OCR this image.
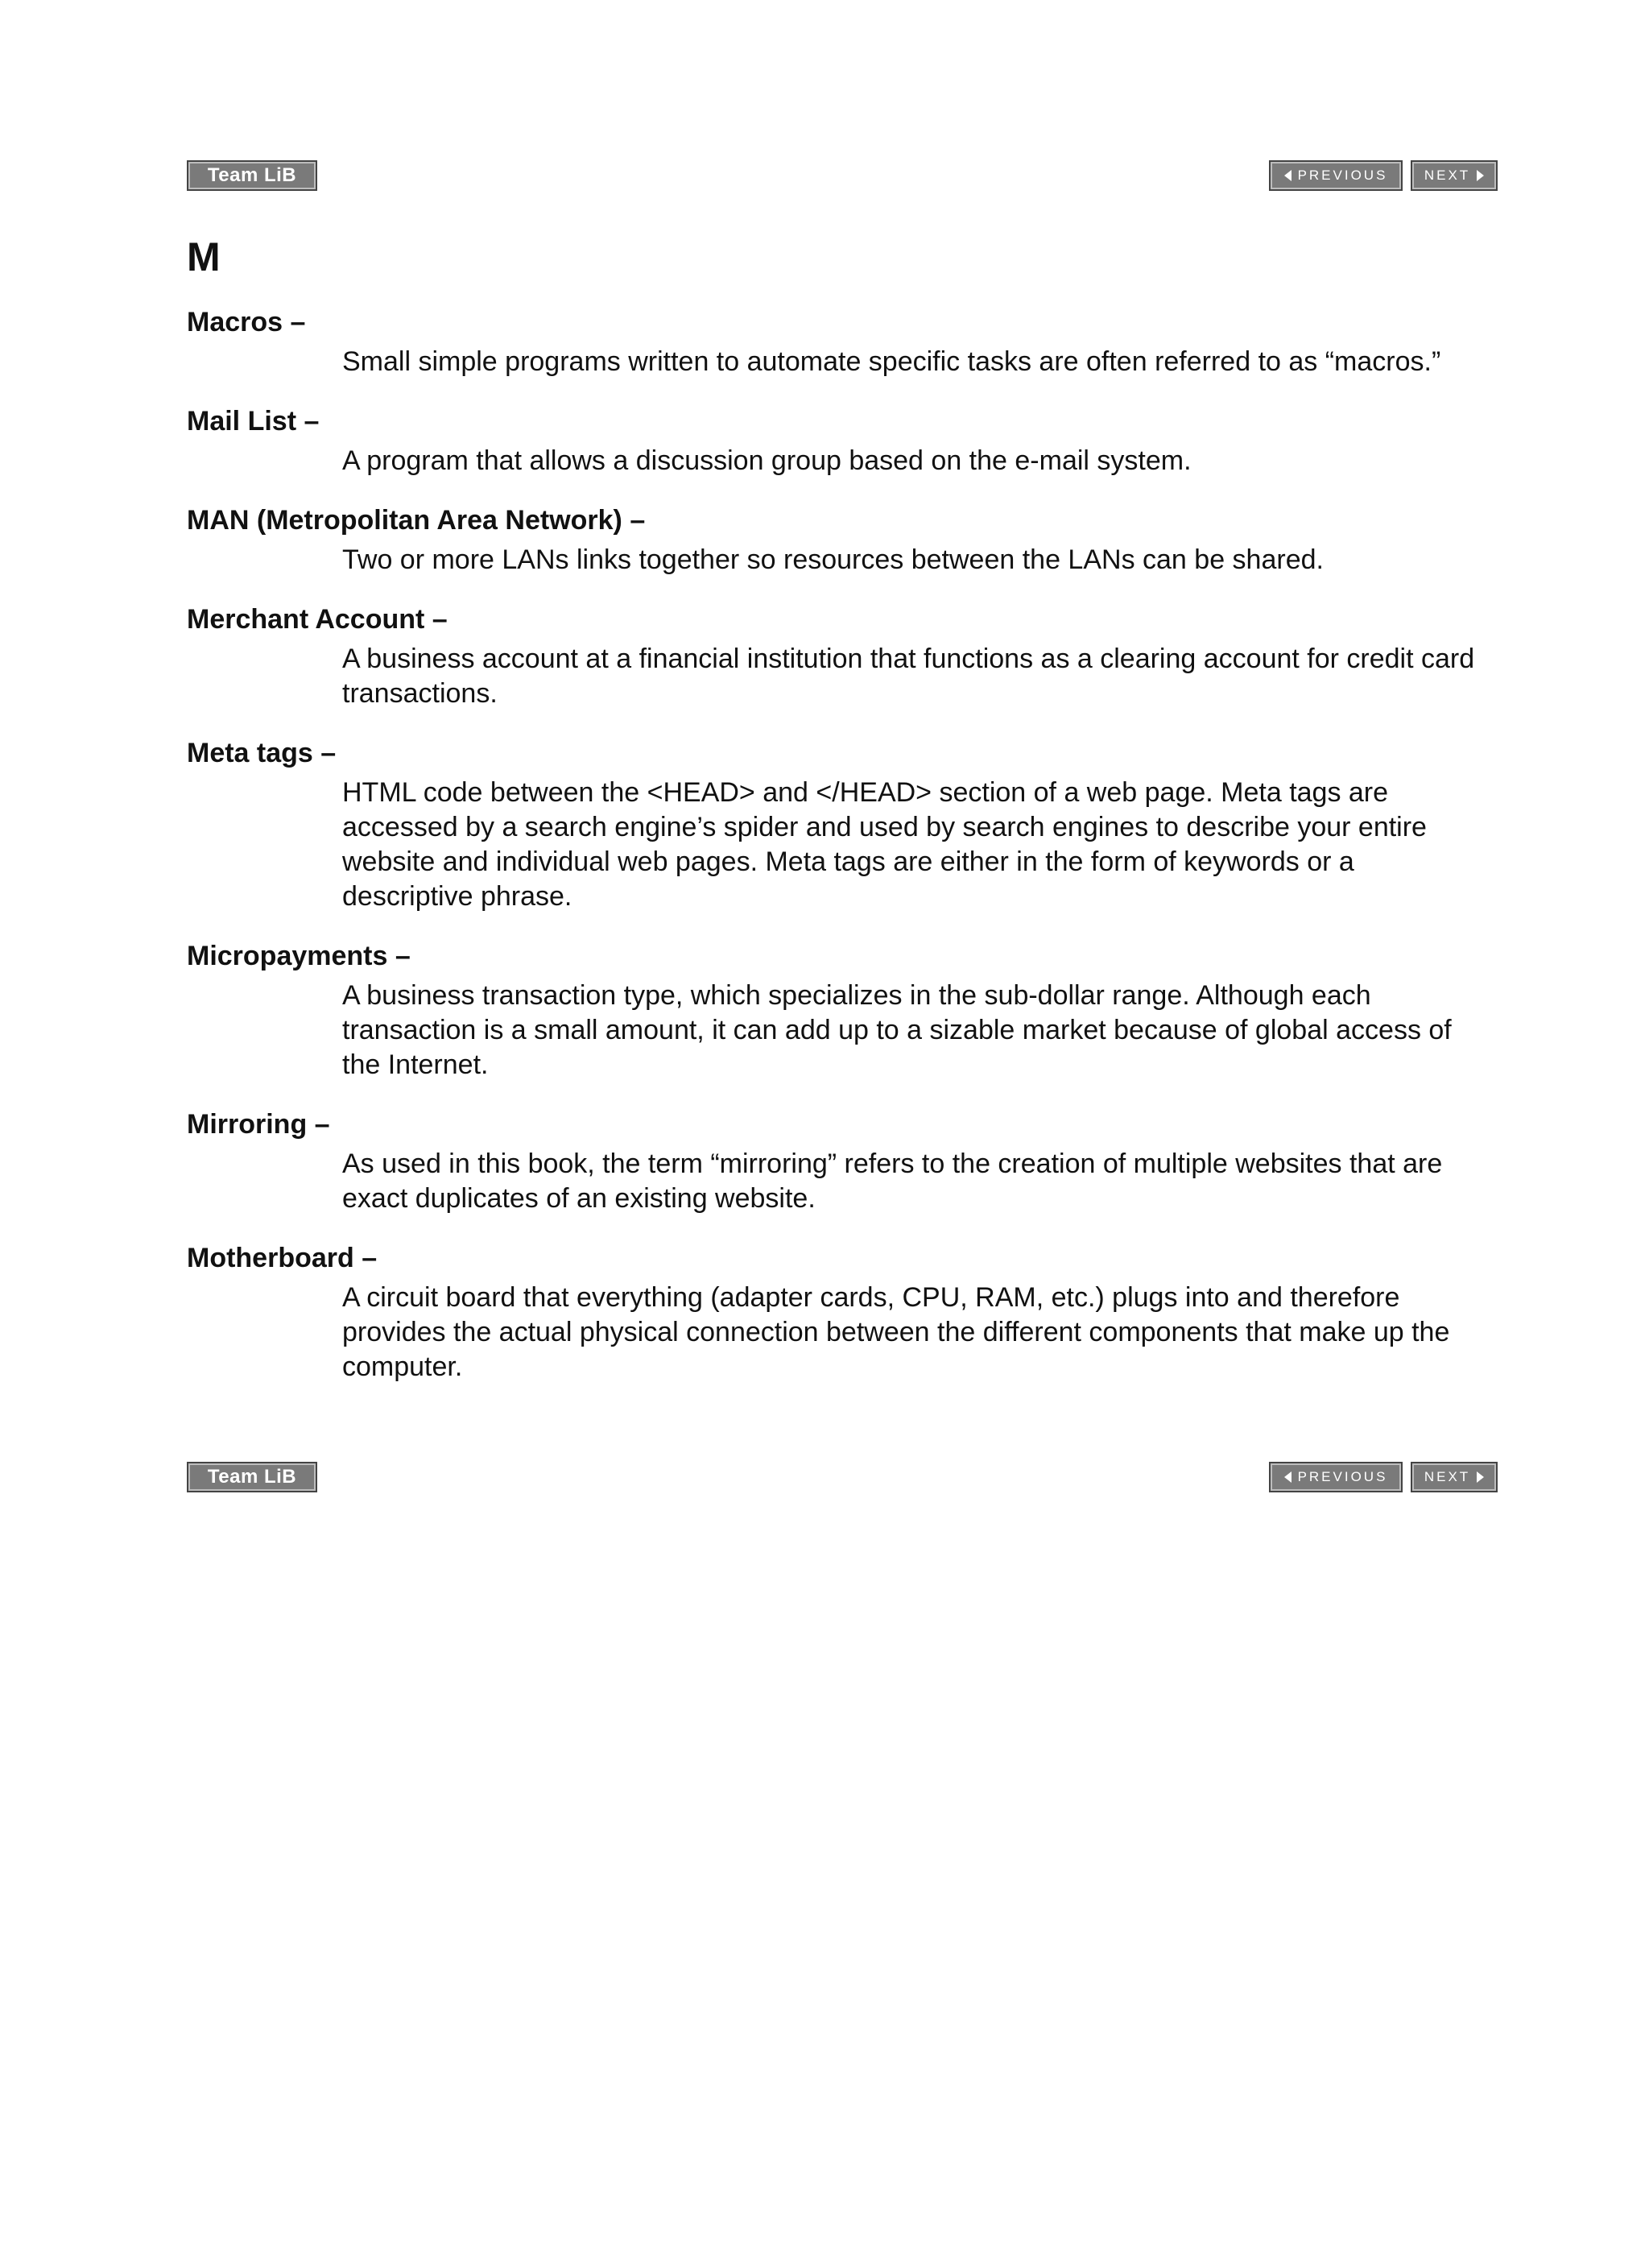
Team LiB	PREVIOUS	NEXT
M
Macros –
Small simple programs written to automate specific tasks are often referred to as “macros.”
Mail List –
A program that allows a discussion group based on the e-mail system.
MAN (Metropolitan Area Network) –
Two or more LANs links together so resources between the LANs can be shared.
Merchant Account –
A business account at a financial institution that functions as a clearing account for credit card transactions.
Meta tags –
HTML code between the <HEAD> and </HEAD> section of a web page. Meta tags are accessed by a search engine’s spider and used by search engines to describe your entire website and individual web pages. Meta tags are either in the form of keywords or a descriptive phrase.
Micropayments –
A business transaction type, which specializes in the sub-dollar range. Although each transaction is a small amount, it can add up to a sizable market because of global access of the Internet.
Mirroring –
As used in this book, the term “mirroring” refers to the creation of multiple websites that are exact duplicates of an existing website.
Motherboard –
A circuit board that everything (adapter cards, CPU, RAM, etc.) plugs into and therefore provides the actual physical connection between the different components that make up the computer.
Team LiB	PREVIOUS	NEXT
